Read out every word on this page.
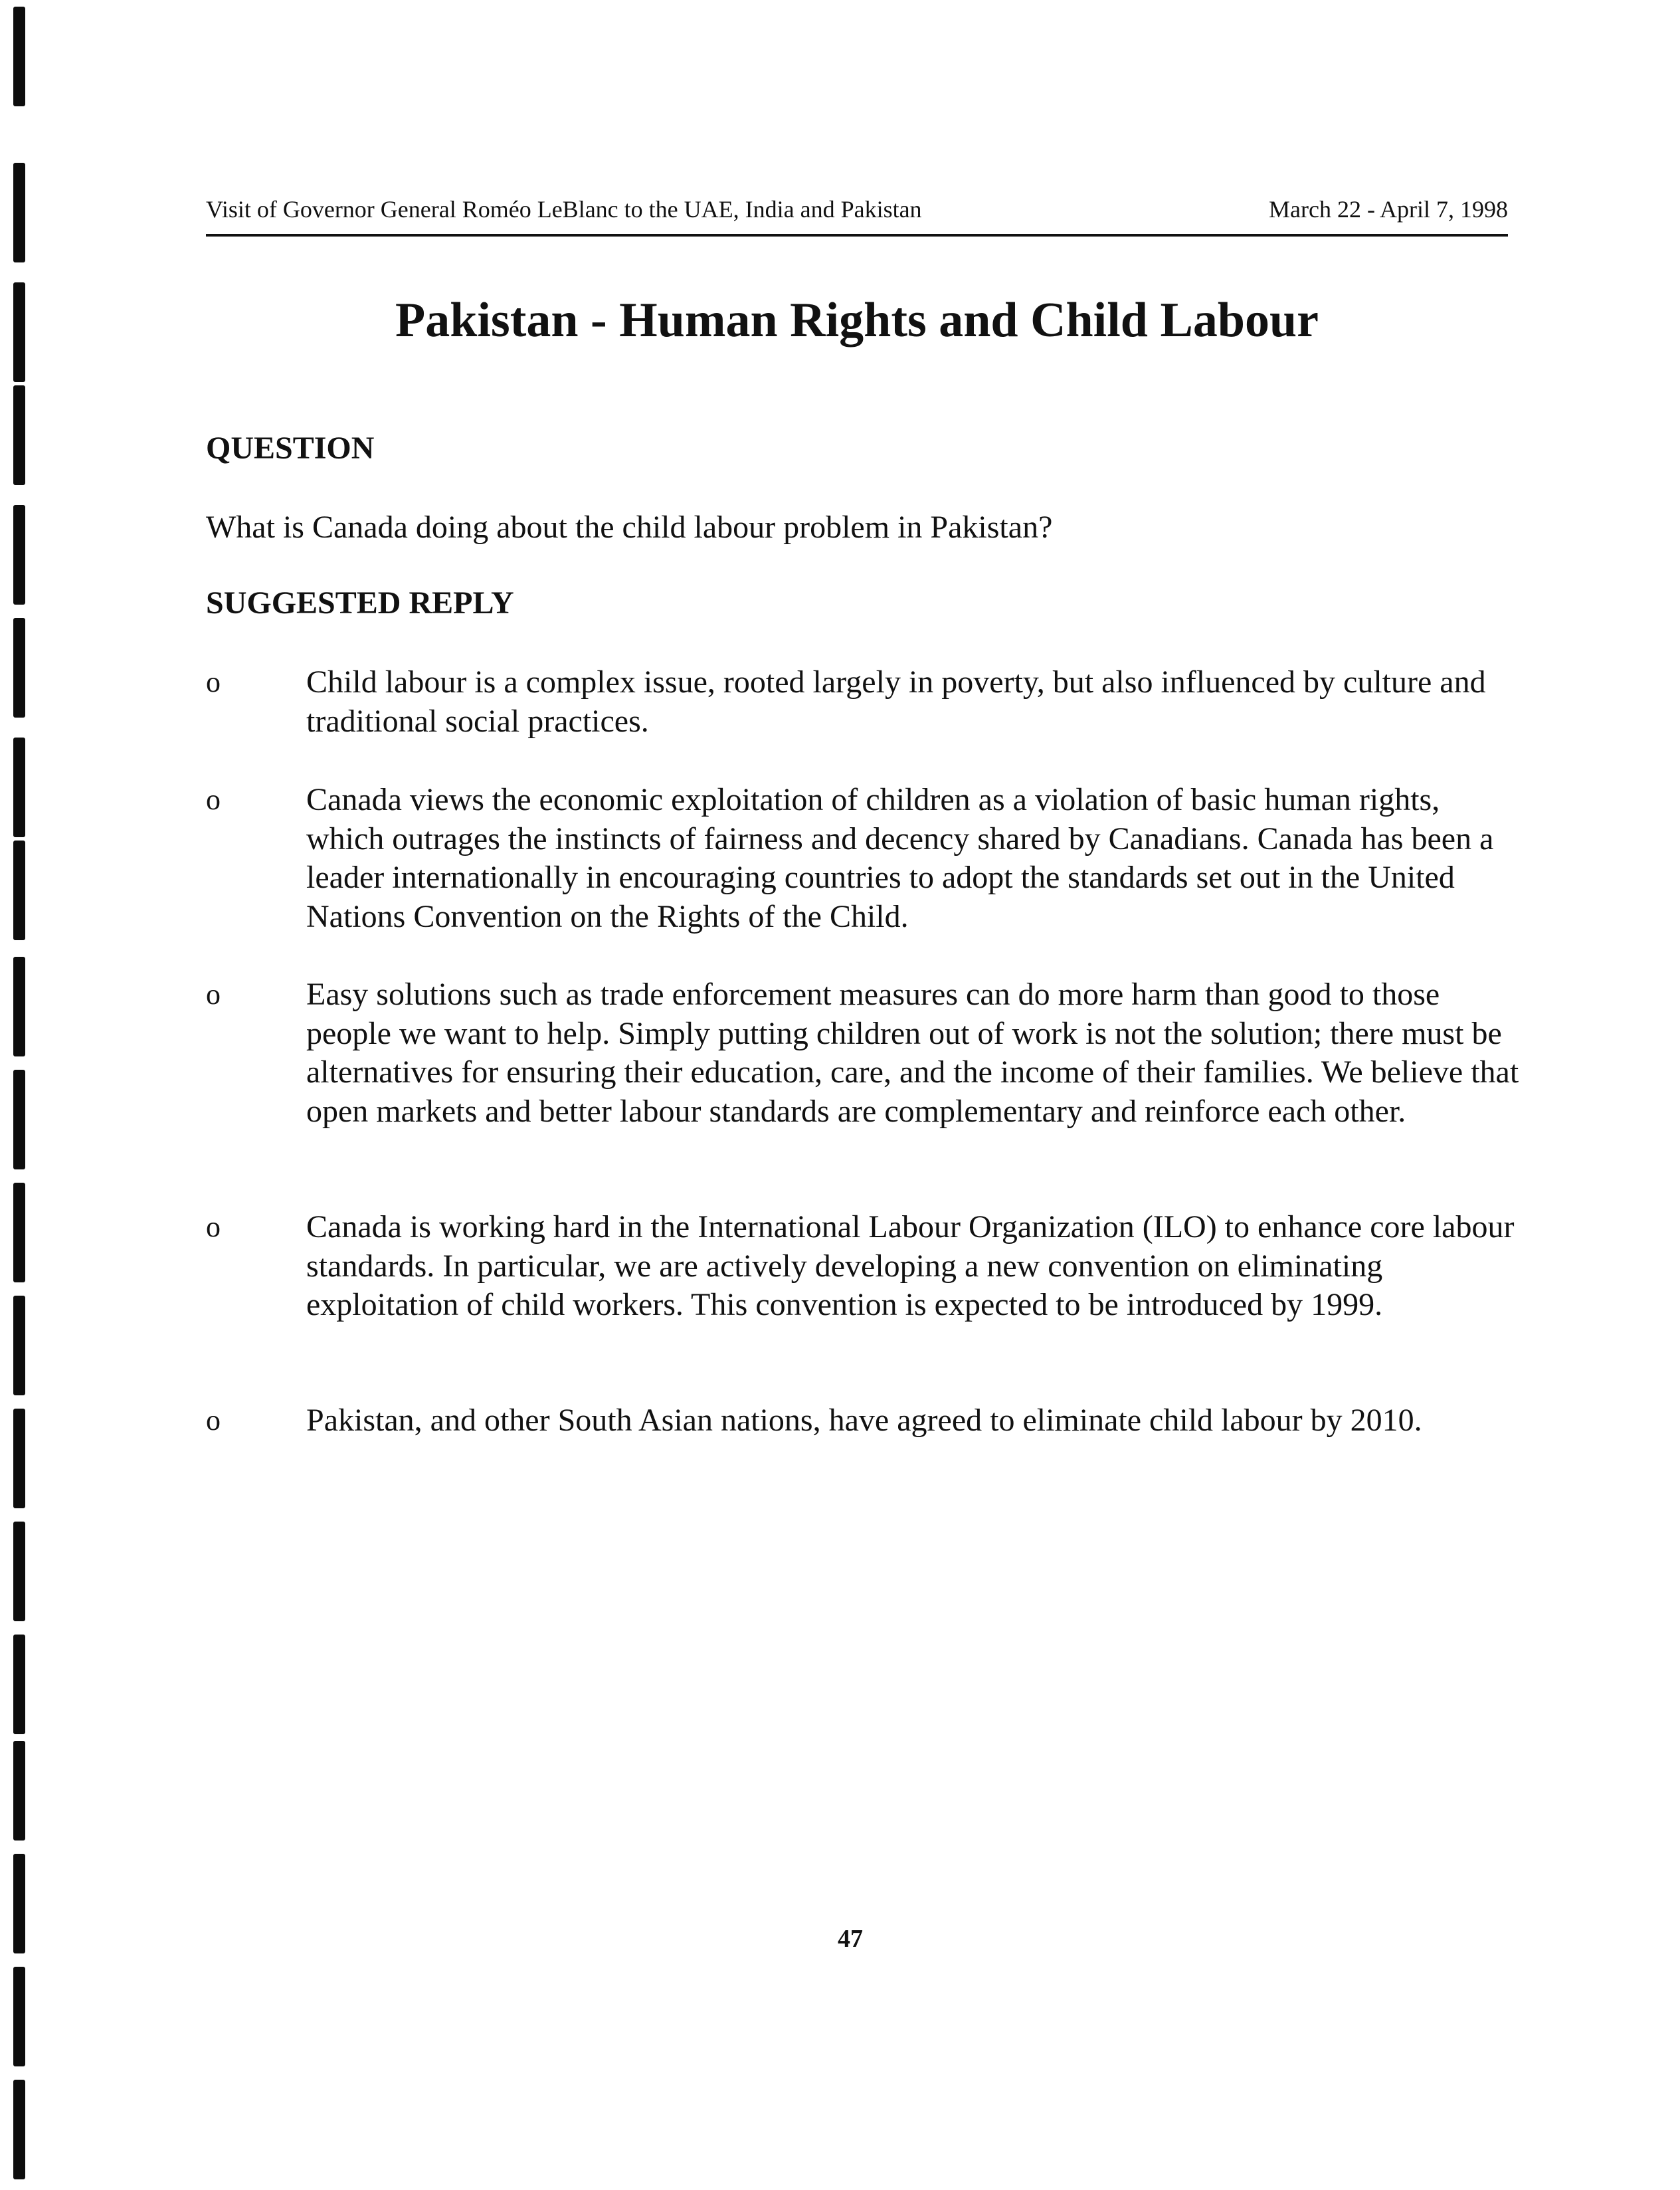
Visit of Governor General Roméo LeBlanc to the UAE, India and Pakistan	March 22 - April 7, 1998
Pakistan - Human Rights and Child Labour
QUESTION
What is Canada doing about the child labour problem in Pakistan?
SUGGESTED REPLY
o	Child labour is a complex issue, rooted largely in poverty, but also influenced by culture and traditional social practices.
o	Canada views the economic exploitation of children as a violation of basic human rights, which outrages the instincts of fairness and decency shared by Canadians. Canada has been a leader internationally in encouraging countries to adopt the standards set out in the United Nations Convention on the Rights of the Child.
o	Easy solutions such as trade enforcement measures can do more harm than good to those people we want to help. Simply putting children out of work is not the solution; there must be alternatives for ensuring their education, care, and the income of their families. We believe that open markets and better labour standards are complementary and reinforce each other.
o	Canada is working hard in the International Labour Organization (ILO) to enhance core labour standards. In particular, we are actively developing a new convention on eliminating exploitation of child workers. This convention is expected to be introduced by 1999.
o	Pakistan, and other South Asian nations, have agreed to eliminate child labour by 2010.
47
